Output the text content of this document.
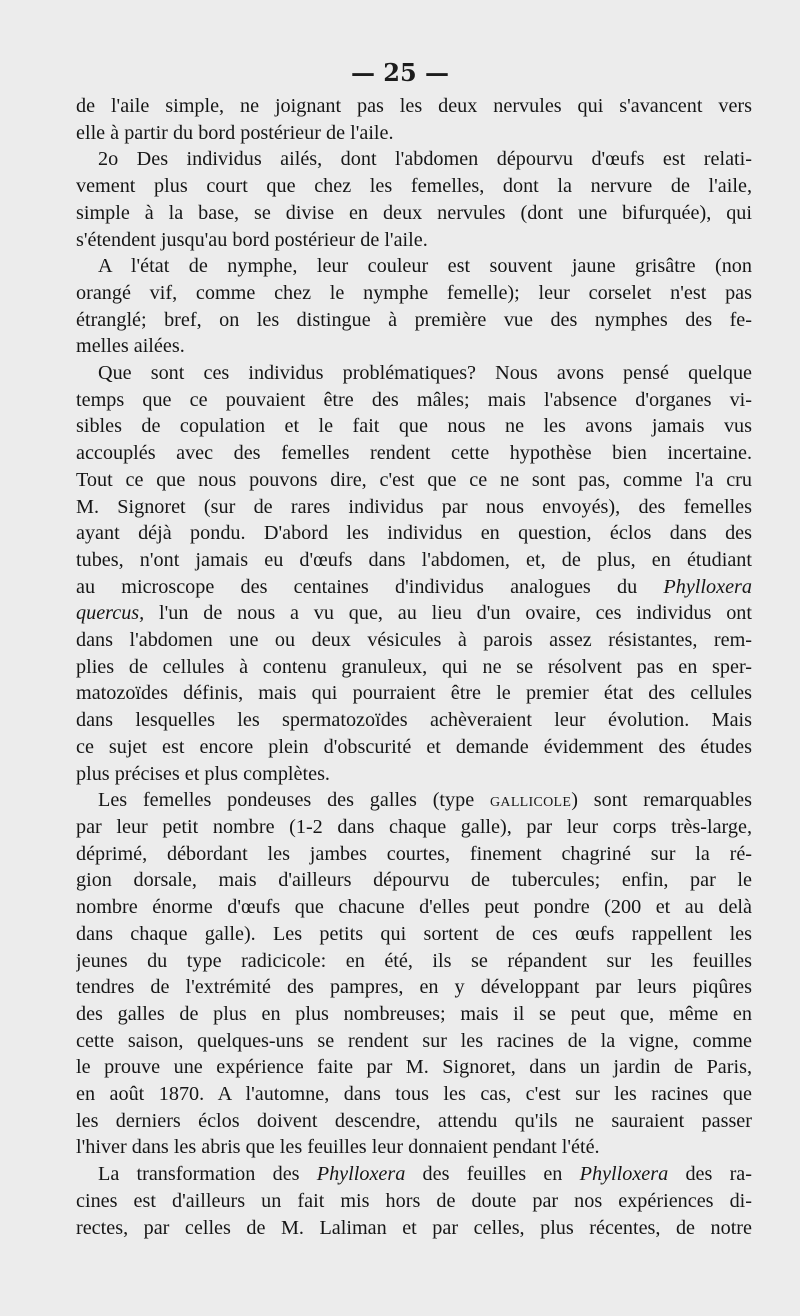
— 25 —
de l'aile simple, ne joignant pas les deux nervules qui s'avancent vers
elle à partir du bord postérieur de l'aile.
2o Des individus ailés, dont l'abdomen dépourvu d'œufs est relati-
vement plus court que chez les femelles, dont la nervure de l'aile,
simple à la base, se divise en deux nervules (dont une bifurquée), qui
s'étendent jusqu'au bord postérieur de l'aile.
A l'état de nymphe, leur couleur est souvent jaune grisâtre (non
orangé vif, comme chez le nymphe femelle); leur corselet n'est pas
étranglé; bref, on les distingue à première vue des nymphes des fe-
melles ailées.
Que sont ces individus problématiques? Nous avons pensé quelque
temps que ce pouvaient être des mâles; mais l'absence d'organes vi-
sibles de copulation et le fait que nous ne les avons jamais vus
accouplés avec des femelles rendent cette hypothèse bien incertaine.
Tout ce que nous pouvons dire, c'est que ce ne sont pas, comme l'a cru
M. Signoret (sur de rares individus par nous envoyés), des femelles
ayant déjà pondu. D'abord les individus en question, éclos dans des
tubes, n'ont jamais eu d'œufs dans l'abdomen, et, de plus, en étudiant
au microscope des centaines d'individus analogues du Phylloxera
quercus, l'un de nous a vu que, au lieu d'un ovaire, ces individus ont
dans l'abdomen une ou deux vésicules à parois assez résistantes, rem-
plies de cellules à contenu granuleux, qui ne se résolvent pas en sper-
matozoïdes définis, mais qui pourraient être le premier état des cellules
dans lesquelles les spermatozoïdes achèveraient leur évolution. Mais
ce sujet est encore plein d'obscurité et demande évidemment des études
plus précises et plus complètes.
Les femelles pondeuses des galles (type gallicole) sont remarquables
par leur petit nombre (1-2 dans chaque galle), par leur corps très-large,
déprimé, débordant les jambes courtes, finement chagriné sur la ré-
gion dorsale, mais d'ailleurs dépourvu de tubercules; enfin, par le
nombre énorme d'œufs que chacune d'elles peut pondre (200 et au delà
dans chaque galle). Les petits qui sortent de ces œufs rappellent les
jeunes du type radicicole: en été, ils se répandent sur les feuilles
tendres de l'extrémité des pampres, en y développant par leurs piqûres
des galles de plus en plus nombreuses; mais il se peut que, même en
cette saison, quelques-uns se rendent sur les racines de la vigne, comme
le prouve une expérience faite par M. Signoret, dans un jardin de Paris,
en août 1870. A l'automne, dans tous les cas, c'est sur les racines que
les derniers éclos doivent descendre, attendu qu'ils ne sauraient passer
l'hiver dans les abris que les feuilles leur donnaient pendant l'été.
La transformation des Phylloxera des feuilles en Phylloxera des ra-
cines est d'ailleurs un fait mis hors de doute par nos expériences di-
rectes, par celles de M. Laliman et par celles, plus récentes, de notre
